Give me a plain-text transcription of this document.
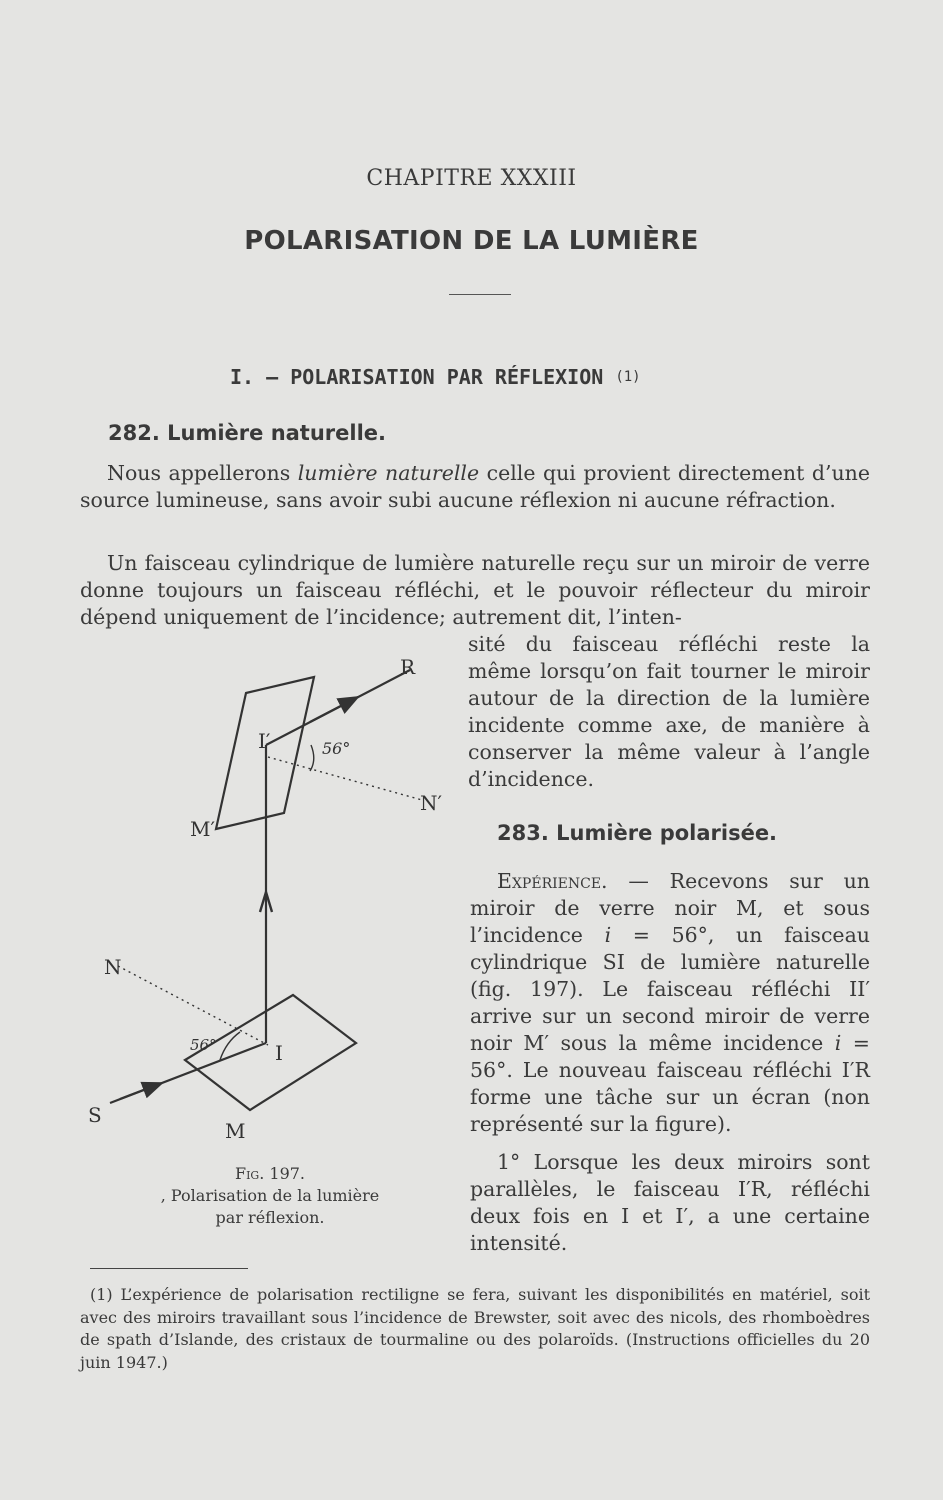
CHAPITRE XXXIII

POLARISATION DE LA LUMIÈRE

I. — POLARISATION PAR RÉFLEXION $^{(1)}$

282. Lumière naturelle.

Nous appellerons lumière naturelle celle qui provient directement d’une source lumineuse, sans avoir subi aucune réflexion ni aucune réfraction.

Un faisceau cylindrique de lumière naturelle reçu sur un miroir de verre donne toujours un faisceau réfléchi, et le pouvoir réflecteur du miroir dépend uniquement de l’incidence; autrement dit, l’inten-

sité du faisceau réfléchi reste la même lorsqu’on fait tourner le miroir autour de la direction de la lumière incidente comme axe, de manière à conserver la même valeur à l’angle d’incidence.

R
I′	56°
N′
M′
N
56°	I
S
M
Fig. 197.
, Polarisation de la lumière
par réflexion.
283. Lumière polarisée.

Expérience. — Recevons sur un miroir de verre noir M, et sous l’incidence i = 56°, un faisceau cylindrique SI de lumière naturelle (fig. 197). Le faisceau réfléchi II′ arrive sur un second miroir de verre noir M′ sous la même incidence i = 56°. Le nouveau faisceau réfléchi I′R forme une tâche sur un écran (non représenté sur la figure).

1° Lorsque les deux miroirs sont parallèles, le faisceau I′R, réfléchi deux fois en I et I′, a une certaine intensité.

(1) L’expérience de polarisation rectiligne se fera, suivant les disponibilités en matériel, soit avec des miroirs travaillant sous l’incidence de Brewster, soit avec des nicols, des rhomboèdres de spath d’Islande, des cristaux de tourmaline ou des polaroïds. (Instructions officielles du 20 juin 1947.)
